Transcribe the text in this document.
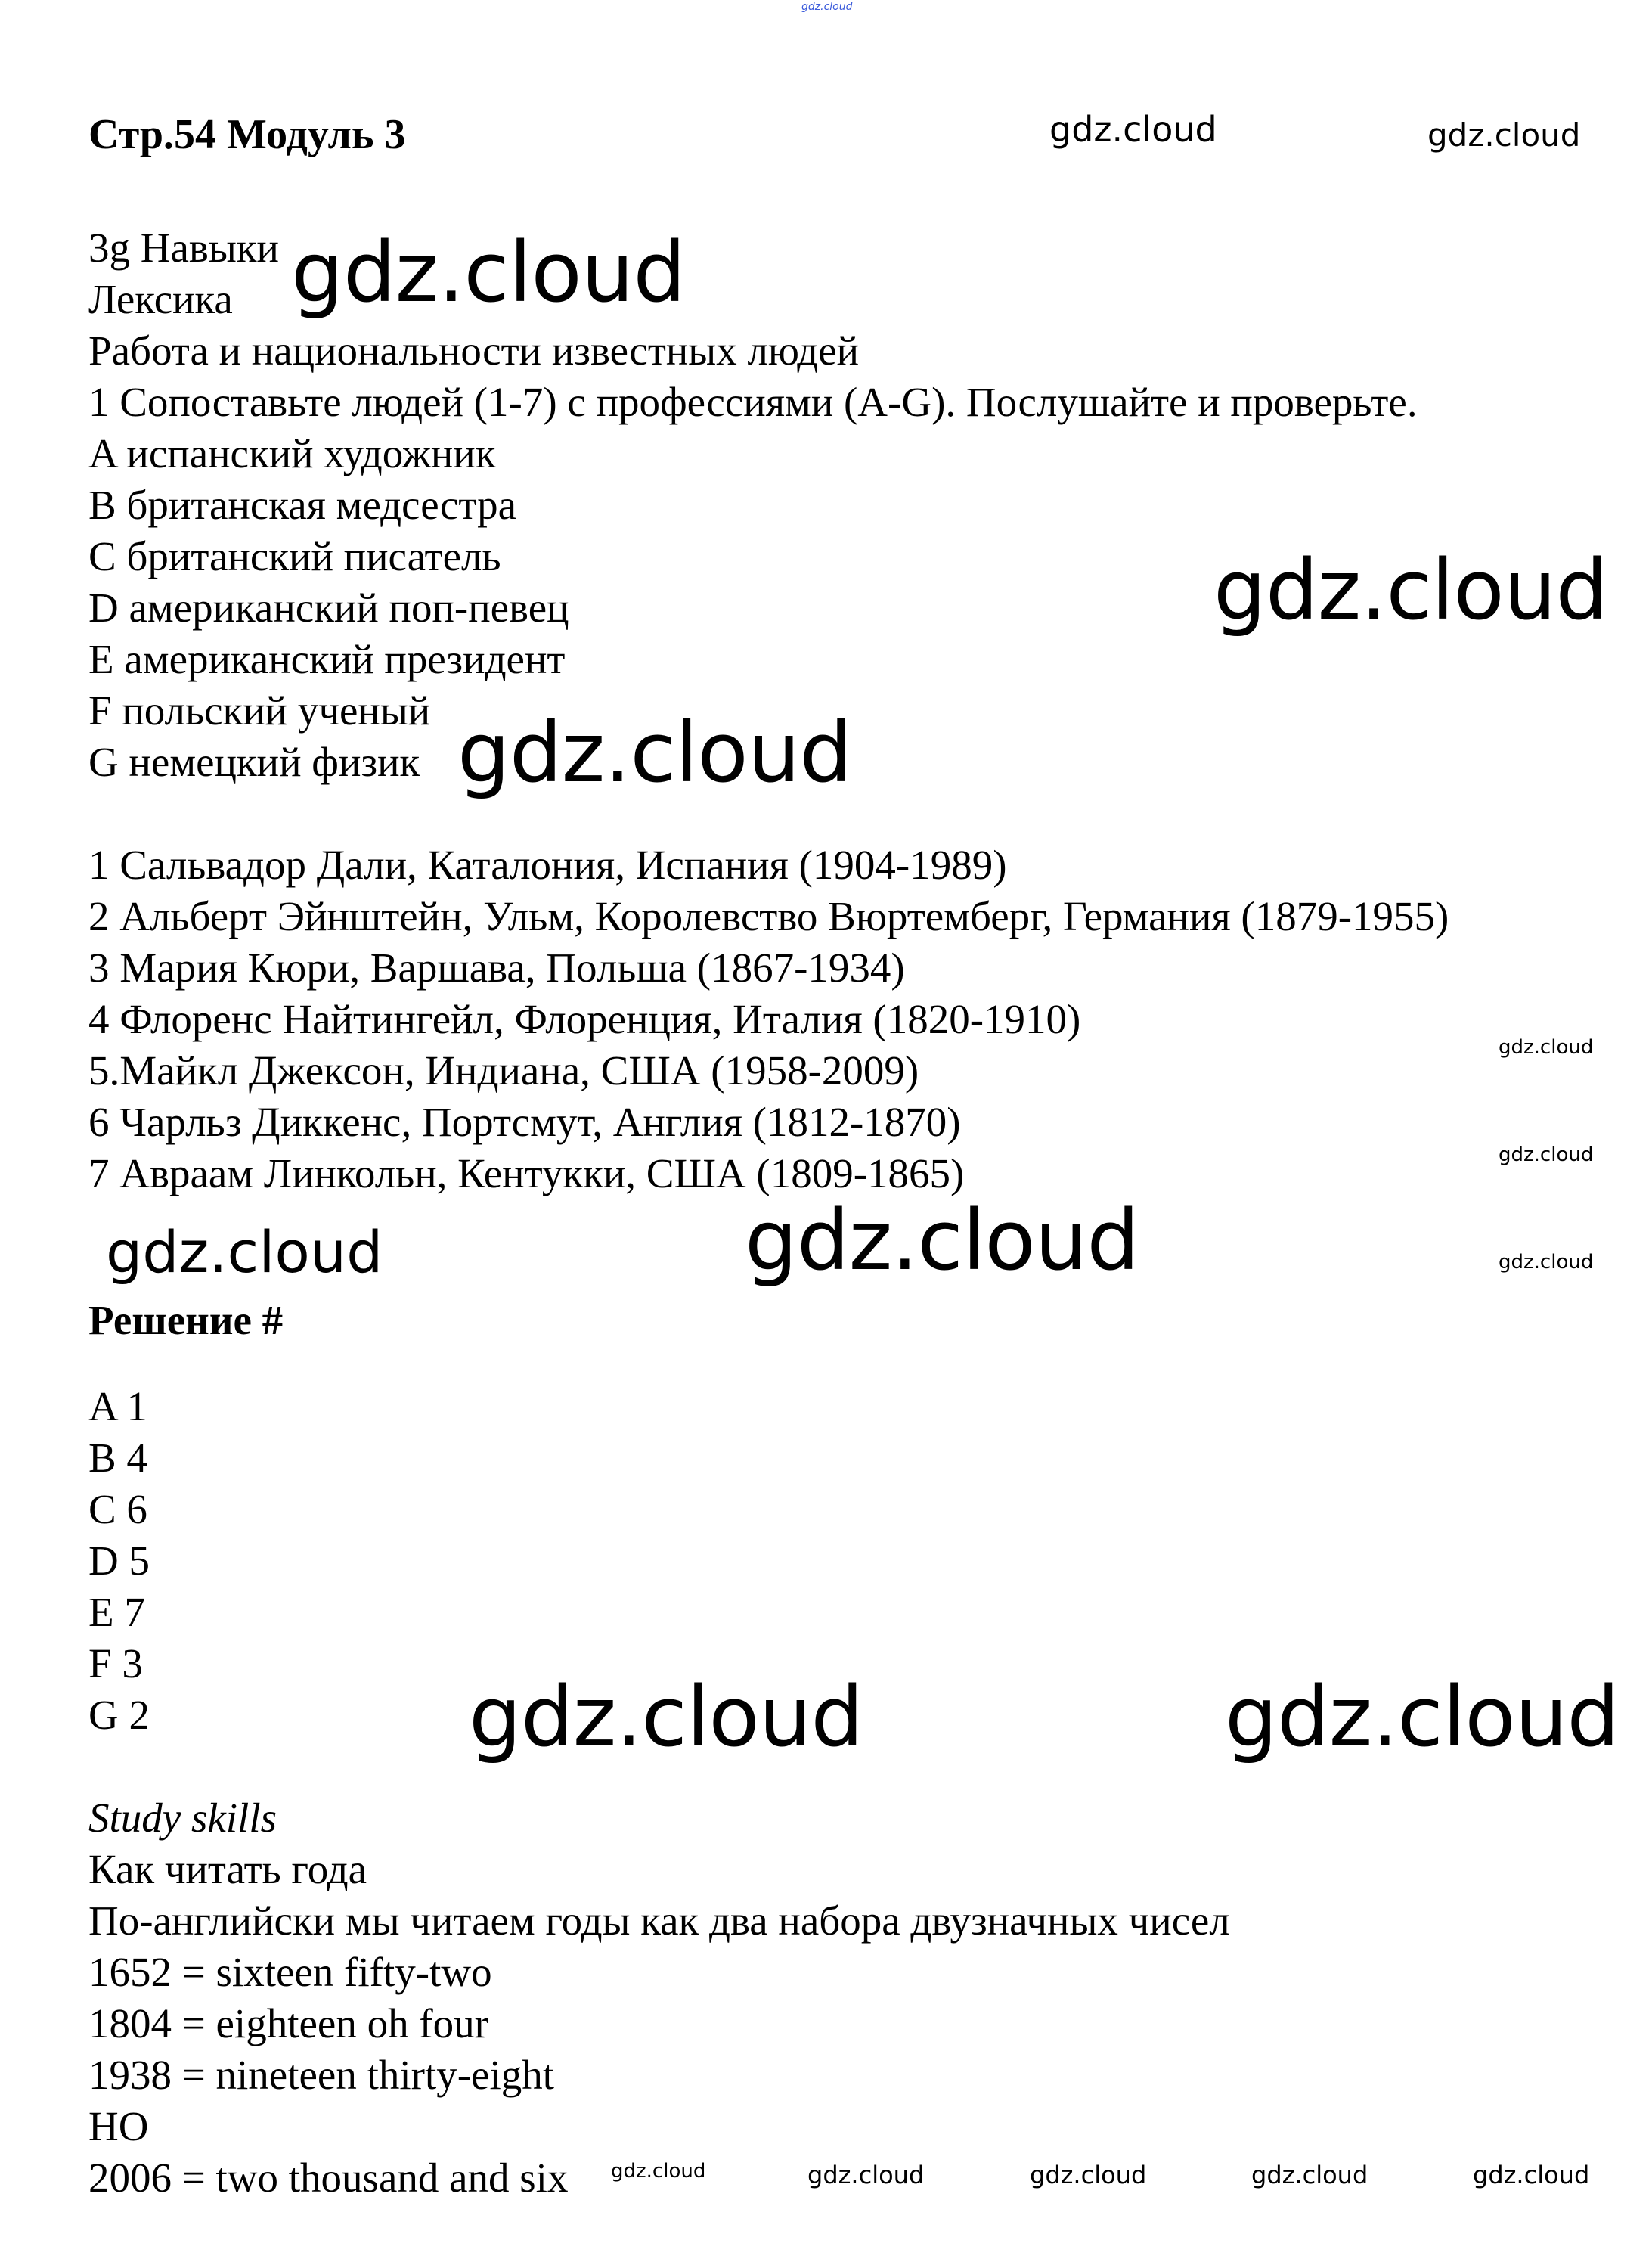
gdz.cloud
Стр.54 Модуль 3	gdz.cloud	gdz.cloud
3g Навыки
Лексика gdz.cloud
Работа и национальности известных людей
1 Сопоставьте людей (1-7) с профессиями (A-G). Послушайте и проверьте.
A испанский художник
B британская медсестра
C британский писатель
D американский поп-певец	gdz.cloud
E американский президент
F польский ученый
G немецкий физик gdz.cloud
1 Сальвадор Дали, Каталония, Испания (1904-1989)
2 Альберт Эйнштейн, Ульм, Королевство Вюртемберг, Германия (1879-1955)
3 Мария Кюри, Варшава, Польша (1867-1934)
4 Флоренс Найтингейл, Флоренция, Италия (1820-1910)
gdz.cloud
5.Майкл Джексон, Индиана, США (1958-2009)
6 Чарльз Диккенс, Портсмут, Англия (1812-1870)
gdz.cloud
7 Авраам Линкольн, Кентукки, США (1809-1865)
gdz.cloud	gdz.cloud	gdz.cloud
Решение #
A 1
B 4
C 6
D 5
E 7
F 3
G 2	gdz.cloud	gdz.cloud
Study skills
Как читать года
По-английски мы читаем годы как два набора двузначных чисел
1652 = sixteen fifty-two
1804 = eighteen oh four
1938 = nineteen thirty-eight
НО
2006 = two thousand and six gdz.cloud	gdz.cloud	gdz.cloud	gdz.cloud	gdz.cloud
